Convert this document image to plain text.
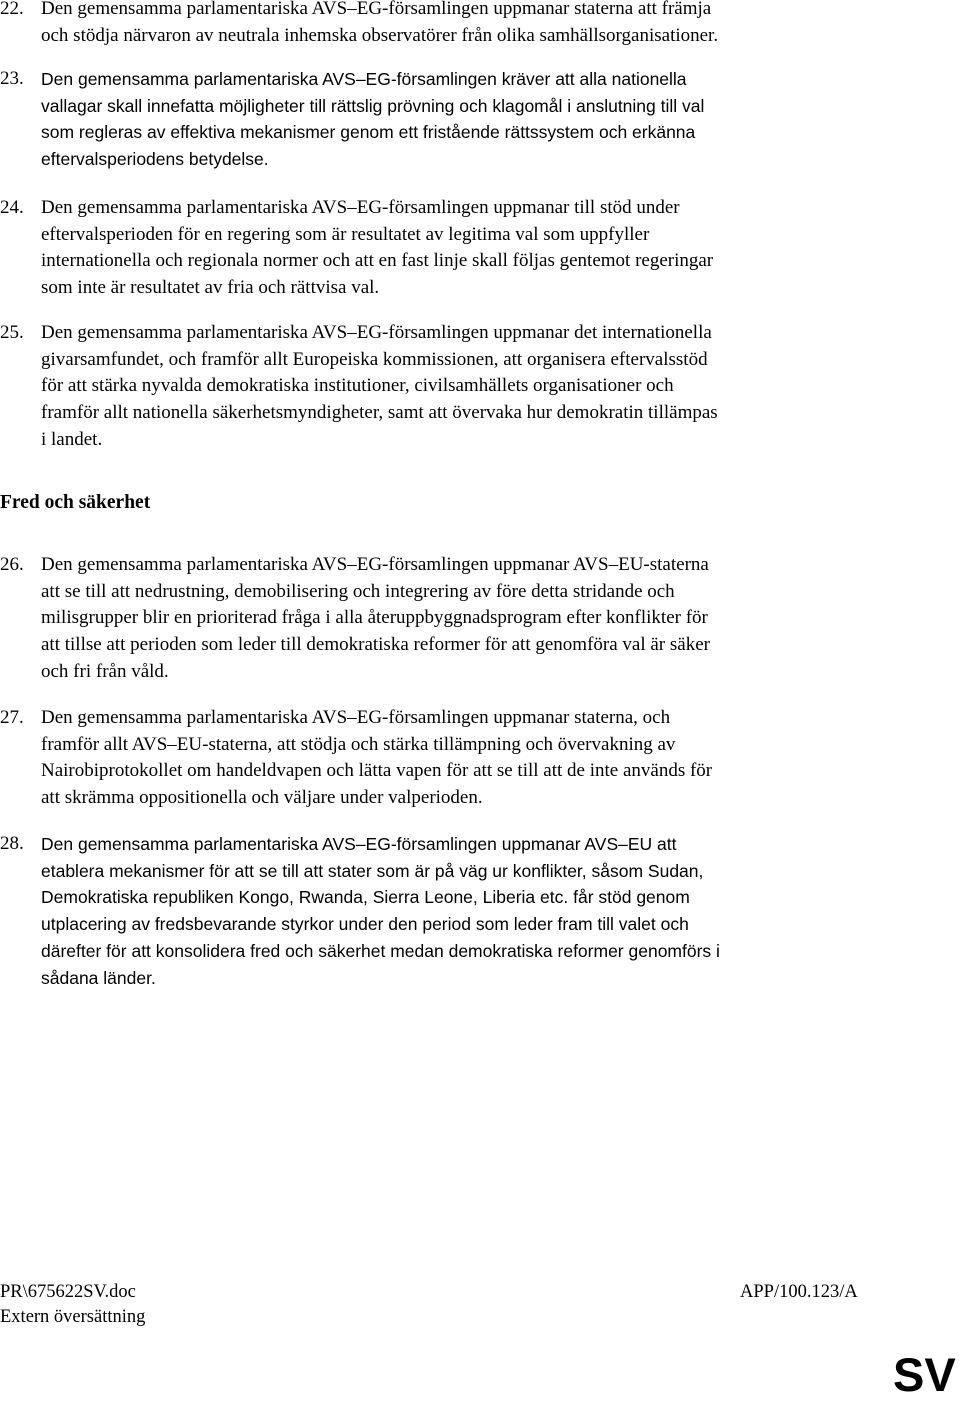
22. Den gemensamma parlamentariska AVS–EG-församlingen uppmanar staterna att främja
och stödja närvaron av neutrala inhemska observatörer från olika samhällsorganisationer.
23. Den gemensamma parlamentariska AVS–EG-församlingen kräver att alla nationella
vallagar skall innefatta möjligheter till rättslig prövning och klagomål i anslutning till val
som regleras av effektiva mekanismer genom ett fristående rättssystem och erkänna
eftervalsperiodens betydelse.
24. Den gemensamma parlamentariska AVS–EG-församlingen uppmanar till stöd under
eftervalsperioden för en regering som är resultatet av legitima val som uppfyller
internationella och regionala normer och att en fast linje skall följas gentemot regeringar
som inte är resultatet av fria och rättvisa val.
25. Den gemensamma parlamentariska AVS–EG-församlingen uppmanar det internationella
givarsamfundet, och framför allt Europeiska kommissionen, att organisera eftervalsstöd
för att stärka nyvalda demokratiska institutioner, civilsamhällets organisationer och
framför allt nationella säkerhetsmyndigheter, samt att övervaka hur demokratin tillämpas
i landet.
Fred och säkerhet
26. Den gemensamma parlamentariska AVS–EG-församlingen uppmanar AVS–EU-staterna
att se till att nedrustning, demobilisering och integrering av före detta stridande och
milisgrupper blir en prioriterad fråga i alla återuppbyggnadsprogram efter konflikter för
att tillse att perioden som leder till demokratiska reformer för att genomföra val är säker
och fri från våld.
27. Den gemensamma parlamentariska AVS–EG-församlingen uppmanar staterna, och
framför allt AVS–EU-staterna, att stödja och stärka tillämpning och övervakning av
Nairobiprotokollet om handeldvapen och lätta vapen för att se till att de inte används för
att skrämma oppositionella och väljare under valperioden.
28. Den gemensamma parlamentariska AVS–EG-församlingen uppmanar AVS–EU att
etablera mekanismer för att se till att stater som är på väg ur konflikter, såsom Sudan,
Demokratiska republiken Kongo, Rwanda, Sierra Leone, Liberia etc. får stöd genom
utplacering av fredsbevarande styrkor under den period som leder fram till valet och
därefter för att konsolidera fred och säkerhet medan demokratiska reformer genomförs i
sådana länder.
PR\675622SV.doc
Extern översättning
APP/100.123/A
SV
